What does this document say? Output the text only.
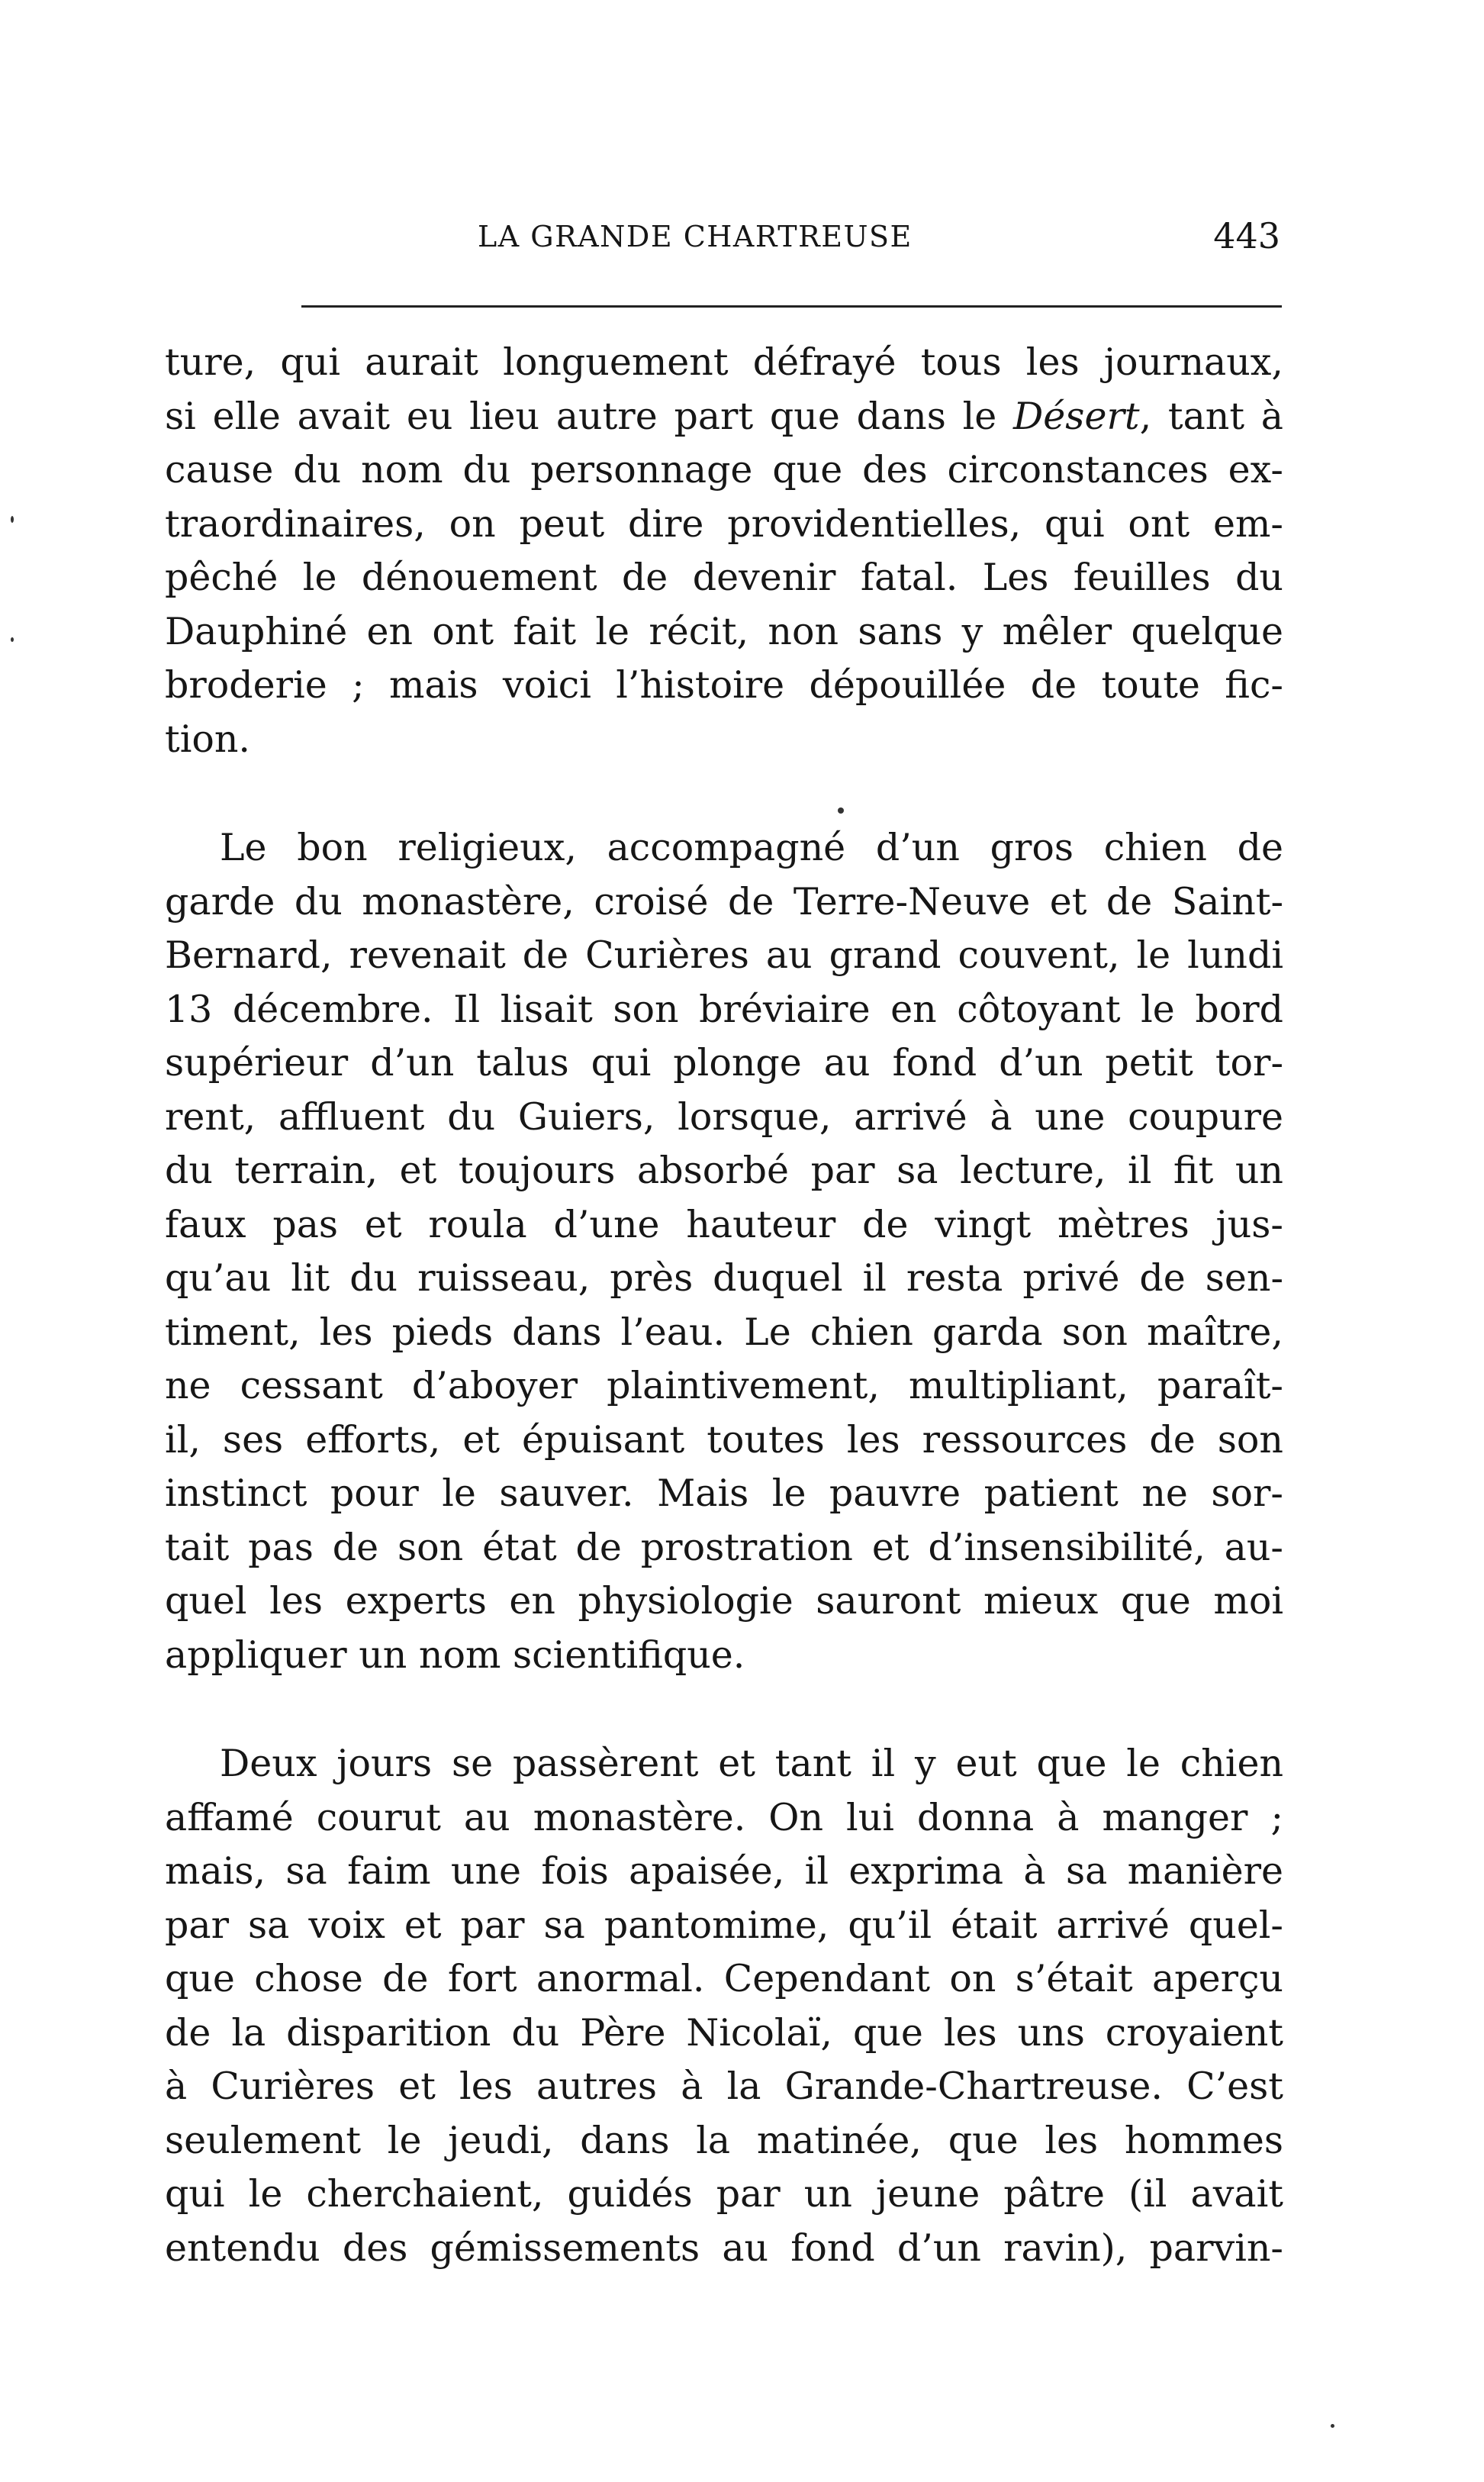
LA GRANDE CHARTREUSE	443
ture, qui aurait longuement défrayé tous les journaux,
si elle avait eu lieu autre part que dans le Désert, tant à
cause du nom du personnage que des circonstances ex-
traordinaires, on peut dire providentielles, qui ont em-
pêché le dénouement de devenir fatal. Les feuilles du
Dauphiné en ont fait le récit, non sans y mêler quelque
broderie ; mais voici l’histoire dépouillée de toute fic-
tion.
Le bon religieux, accompagné d’un gros chien de
garde du monastère, croisé de Terre-Neuve et de Saint-
Bernard, revenait de Curières au grand couvent, le lundi
13 décembre. Il lisait son bréviaire en côtoyant le bord
supérieur d’un talus qui plonge au fond d’un petit tor-
rent, affluent du Guiers, lorsque, arrivé à une coupure
du terrain, et toujours absorbé par sa lecture, il fit un
faux pas et roula d’une hauteur de vingt mètres jus-
qu’au lit du ruisseau, près duquel il resta privé de sen-
timent, les pieds dans l’eau. Le chien garda son maître,
ne cessant d’aboyer plaintivement, multipliant, paraît-
il, ses efforts, et épuisant toutes les ressources de son
instinct pour le sauver. Mais le pauvre patient ne sor-
tait pas de son état de prostration et d’insensibilité, au-
quel les experts en physiologie sauront mieux que moi
appliquer un nom scientifique.
Deux jours se passèrent et tant il y eut que le chien
affamé courut au monastère. On lui donna à manger ;
mais, sa faim une fois apaisée, il exprima à sa manière
par sa voix et par sa pantomime, qu’il était arrivé quel-
que chose de fort anormal. Cependant on s’était aperçu
de la disparition du Père Nicolaï, que les uns croyaient
à Curières et les autres à la Grande-Chartreuse. C’est
seulement le jeudi, dans la matinée, que les hommes
qui le cherchaient, guidés par un jeune pâtre (il avait
entendu des gémissements au fond d’un ravin), parvin-
